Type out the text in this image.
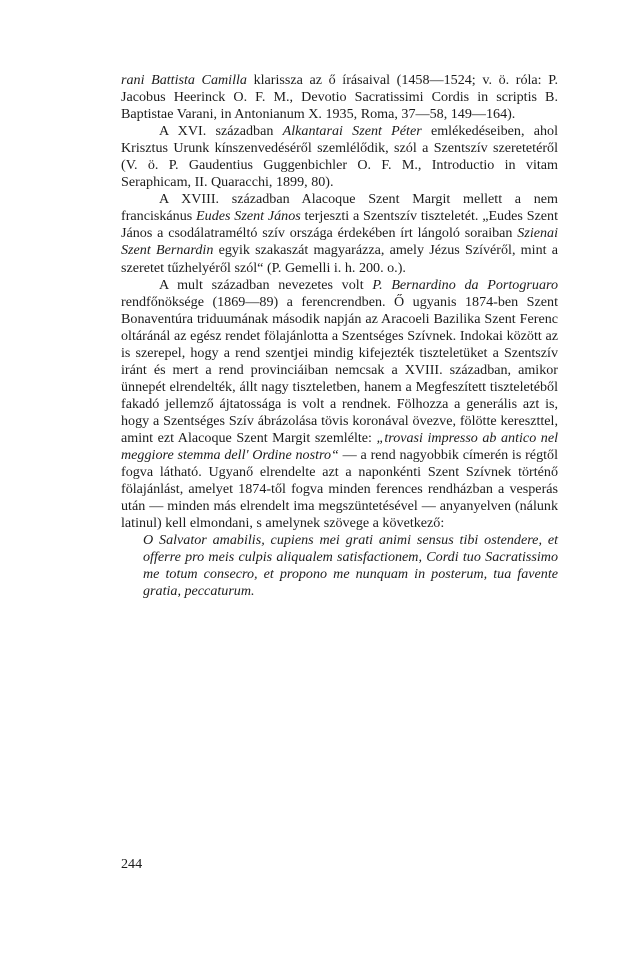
rani Battista Camilla klarissza az ő írásaival (1458—1524; v. ö. róla: P. Jacobus Heerinck O. F. M., Devotio Sacratissimi Cordis in scriptis B. Baptistae Varani, in Antonianum X. 1935, Roma, 37—58, 149—164).

A XVI. században Alkantarai Szent Péter emlékedéseiben, ahol Krisztus Urunk kínszenvedéséről szemlélődik, szól a Szentszív szeretetéről (V. ö. P. Gaudentius Guggenbichler O. F. M., Introductio in vitam Seraphicam, II. Quaracchi, 1899, 80).

A XVIII. században Alacoque Szent Margit mellett a nem franciskánus Eudes Szent János terjeszti a Szentszív tiszteletét. „Eudes Szent János a csodálatraméltó szív országa érdekében írt lángoló soraiban Szienai Szent Bernardin egyik szakaszát magyarázza, amely Jézus Szívéről, mint a szeretet tűzhelyéről szól“ (P. Gemelli i. h. 200. o.).

A mult században nevezetes volt P. Bernardino da Portogruaro rendfőnöksége (1869—89) a ferencrendben. Ő ugyanis 1874-ben Szent Bonaventúra triduumának második napján az Aracoeli Bazilika Szent Ferenc oltáránál az egész rendet fölajánlotta a Szentséges Szívnek. Indokai között az is szerepel, hogy a rend szentjei mindig kifejezték tiszteletüket a Szentszív iránt és mert a rend provinciáiban nemcsak a XVIII. században, amikor ünnepét elrendelték, állt nagy tiszteletben, hanem a Megfeszített tiszteletéből fakadó jellemző ájtatossága is volt a rendnek. Fölhozza a generális azt is, hogy a Szentséges Szív ábrázolása tövis koronával övezve, fölötte kereszttel, amint ezt Alacoque Szent Margit szemlélte: „trovasi impresso ab antico nel meggiore stemma dell' Ordine nostro“ — a rend nagyobbik címerén is régtől fogva látható. Ugyanő elrendelte azt a naponkénti Szent Szívnek történő fölajánlást, amelyet 1874-től fogva minden ferences rendházban a vesperás után — minden más elrendelt ima megszüntetésével — anyanyelven (nálunk latinul) kell elmondani, s amelynek szövege a következő:

O Salvator amabilis, cupiens mei grati animi sensus tibi ostendere, et offerre pro meis culpis aliqualem satisfactionem, Cordi tuo Sacratissimo me totum consecro, et propono me nunquam in posterum, tua favente gratia, peccaturum.

244
